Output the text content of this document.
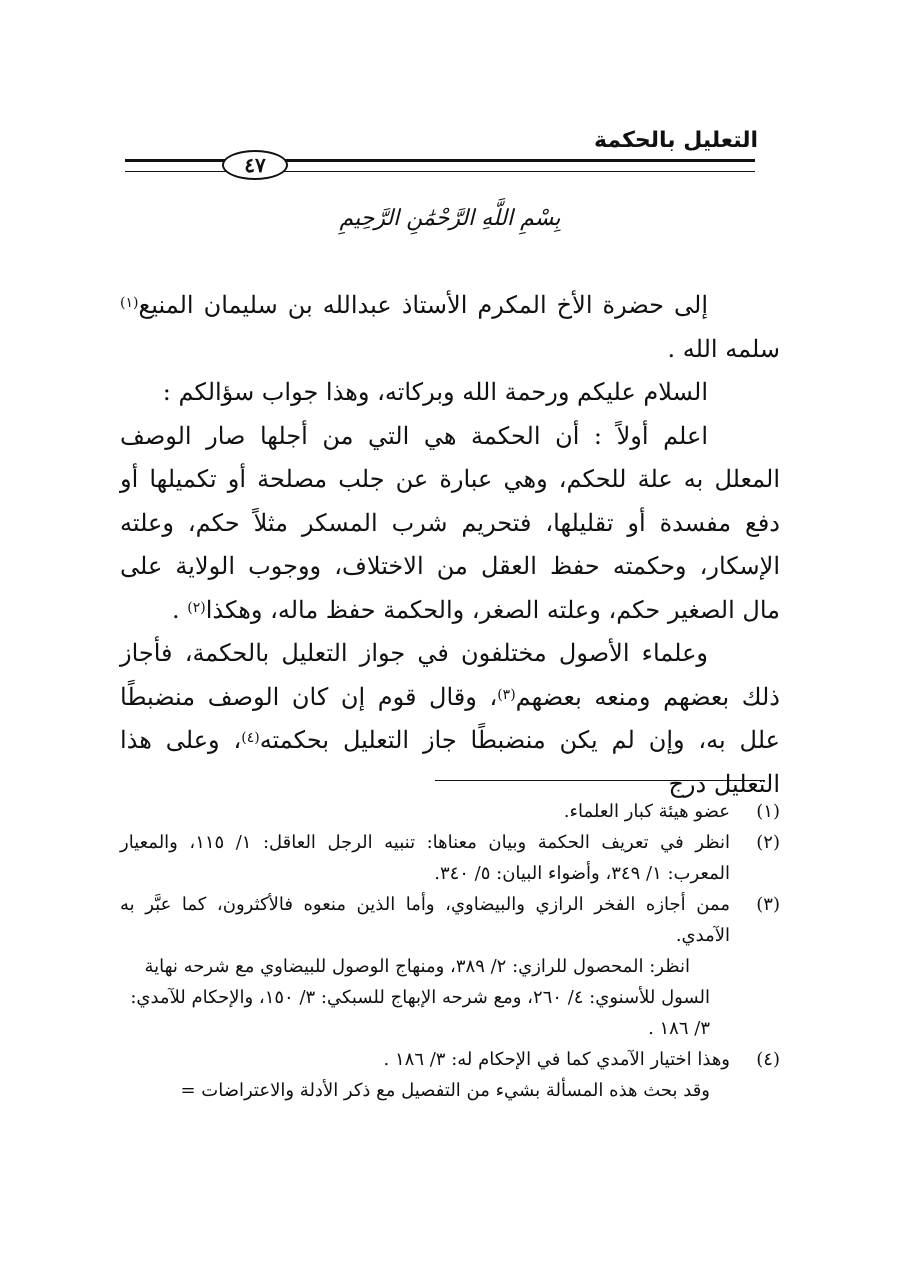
التعليل بالحكمة
٤٧
بِسْمِ اللَّهِ الرَّحْمَٰنِ الرَّحِيمِ

إلى حضرة الأخ المكرم الأستاذ عبدالله بن سليمان المنيع$^{(١)}$ سلمه الله .

السلام عليكم ورحمة الله وبركاته، وهذا جواب سؤالكم :

اعلم أولاً : أن الحكمة هي التي من أجلها صار الوصف المعلل به علة للحكم، وهي عبارة عن جلب مصلحة أو تكميلها أو دفع مفسدة أو تقليلها، فتحريم شرب المسكر مثلاً حكم، وعلته الإسكار، وحكمته حفظ العقل من الاختلاف، ووجوب الولاية على مال الصغير حكم، وعلته الصغر، والحكمة حفظ ماله، وهكذا$^{(٢)}$ .

وعلماء الأصول مختلفون في جواز التعليل بالحكمة، فأجاز ذلك بعضهم ومنعه بعضهم$^{(٣)}$، وقال قوم إن كان الوصف منضبطًا علل به، وإن لم يكن منضبطًا جاز التعليل بحكمته$^{(٤)}$، وعلى هذا التعليل درج

(١)
عضو هيئة كبار العلماء.
(٢)
انظر في تعريف الحكمة وبيان معناها: تنبيه الرجل العاقل: ١/ ١١٥، والمعيار المعرب: ١/ ٣٤٩، وأضواء البيان: ٥/ ٣٤٠.
(٣)
ممن أجازه الفخر الرازي والبيضاوي، وأما الذين منعوه فالأكثرون، كما عبَّر به الآمدي.
انظر: المحصول للرازي: ٢/ ٣٨٩، ومنهاج الوصول للبيضاوي مع شرحه نهاية السول للأسنوي: ٤/ ٢٦٠، ومع شرحه الإبهاج للسبكي: ٣/ ١٥٠، والإحكام للآمدي: ٣/ ١٨٦ .
(٤)
وهذا اختيار الآمدي كما في الإحكام له: ٣/ ١٨٦ .
وقد بحث هذه المسألة بشيء من التفصيل مع ذكر الأدلة والاعتراضات =
